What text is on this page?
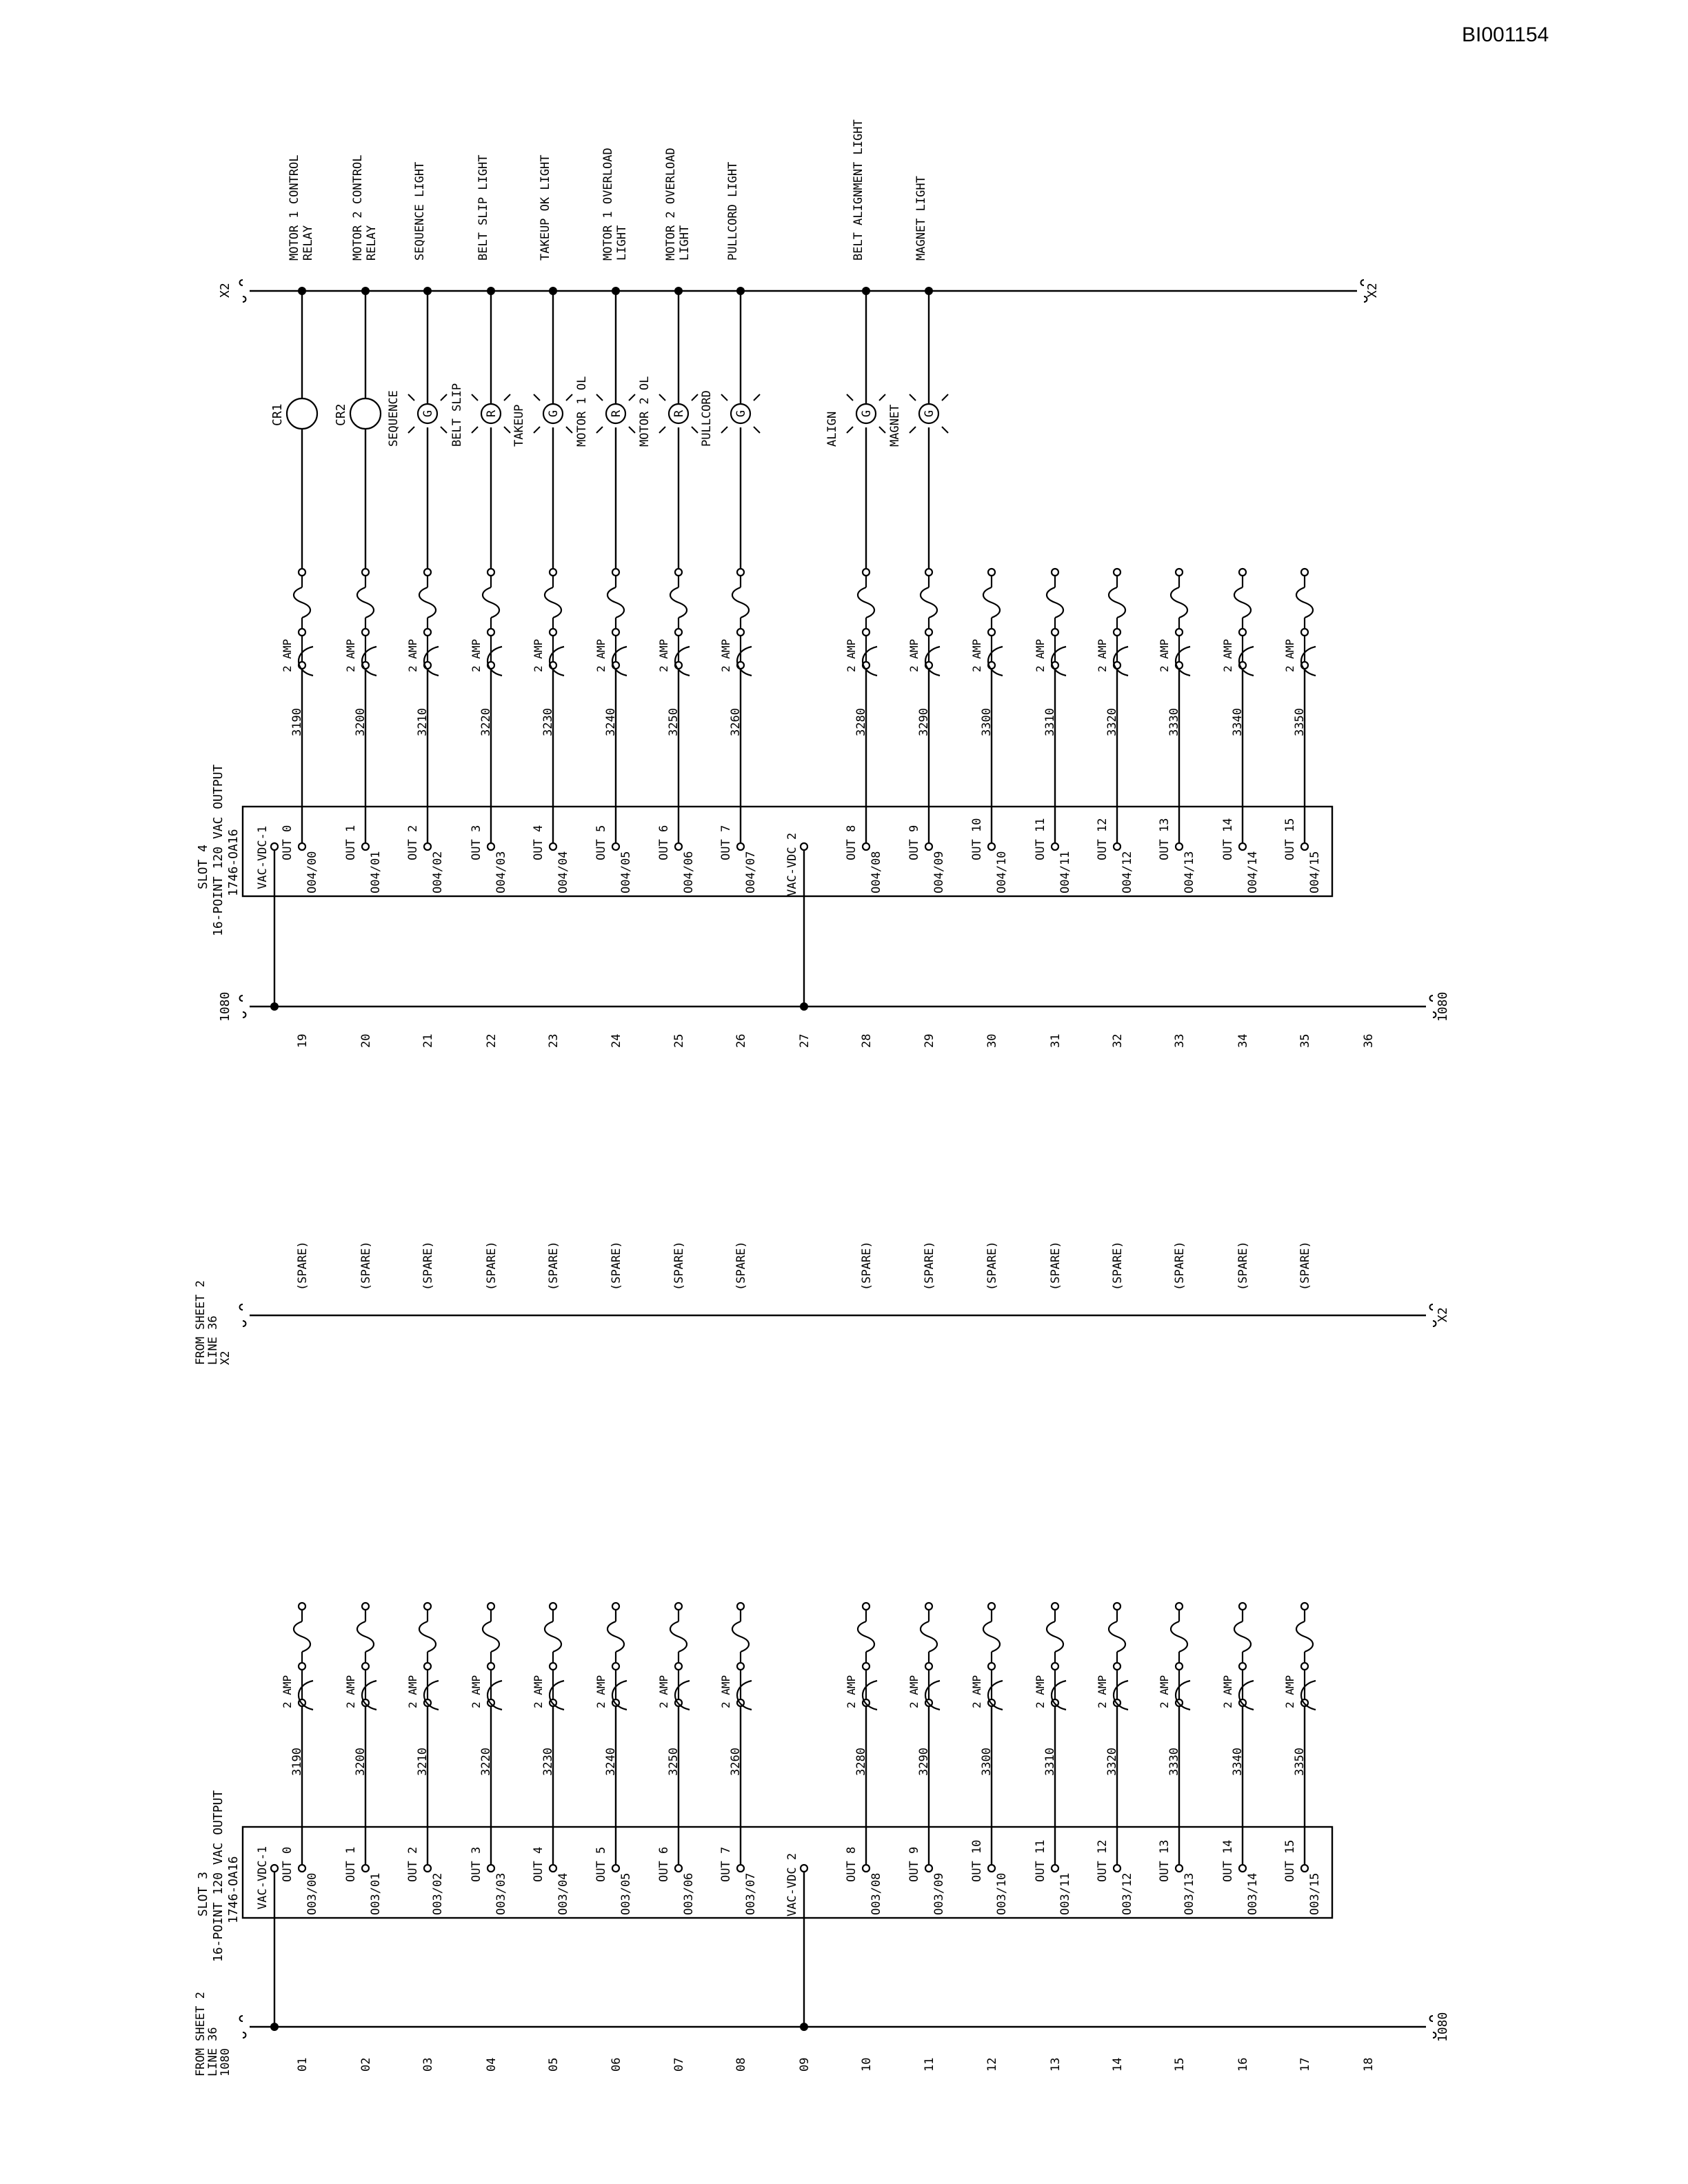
BI001154
X2	X2
1080	1080
SLOT 4 16-POINT 120 VAC OUTPUT 1746-OA16 VAC-VDC-1	VAC-VDC 2
19	20	21	22	23	24	25	26	27	28	29	30	31	32	33	34	35	36
OUT 0
O04/00
3190
2 AMP
CR1
MOTOR 1 CONTROL RELAY
OUT 1
O04/01
3200
2 AMP
CR2
MOTOR 2 CONTROL RELAY
OUT 2
O04/02
3210
2 AMP
G
SEQUENCE
SEQUENCE LIGHT
OUT 3
O04/03
3220
2 AMP
R
BELT SLIP
BELT SLIP LIGHT
OUT 4
O04/04
3230
2 AMP
G
TAKEUP
TAKEUP OK LIGHT
OUT 5
O04/05
3240
2 AMP
R
MOTOR 1 OL
MOTOR 1 OVERLOAD LIGHT
OUT 6
O04/06
3250
2 AMP
R
MOTOR 2 OL
MOTOR 2 OVERLOAD LIGHT
OUT 7
O04/07
3260
2 AMP
G
PULLCORD
PULLCORD LIGHT
OUT 8
O04/08
3280
2 AMP
G
ALIGN
BELT ALIGNMENT LIGHT
OUT 9
O04/09
3290
2 AMP
G
MAGNET
MAGNET LIGHT
OUT 10
O04/10
3300
2 AMP
OUT 11
O04/11
3310
2 AMP
OUT 12
O04/12
3320
2 AMP
OUT 13
O04/13
3330
2 AMP
OUT 14
O04/14
3340
2 AMP
OUT 15
O04/15
3350
2 AMP
FROM SHEET 2
LINE 36
X2
X2
FROM SHEET 2
LINE 36
1080
1080
SLOT 3 16-POINT 120 VAC OUTPUT 1746-OA16 VAC-VDC-1	VAC-VDC 2
01	02	03	04	05	06	07	08	09	10	11	12	13	14	15	16	17	18
(SPARE)
OUT 0
O03/00
3190
2 AMP
(SPARE)
OUT 1
O03/01
3200
2 AMP
(SPARE)
OUT 2
O03/02
3210
2 AMP
(SPARE)
OUT 3
O03/03
3220
2 AMP
(SPARE)
OUT 4
O03/04
3230
2 AMP
(SPARE)
OUT 5
O03/05
3240
2 AMP
(SPARE)
OUT 6
O03/06
3250
2 AMP
(SPARE)
OUT 7
O03/07
3260
2 AMP
(SPARE)
OUT 8
O03/08
3280
2 AMP
(SPARE)
OUT 9
O03/09
3290
2 AMP
(SPARE)
OUT 10
O03/10
3300
2 AMP
(SPARE)
OUT 11
O03/11
3310
2 AMP
(SPARE)
OUT 12
O03/12
3320
2 AMP
(SPARE)
OUT 13
O03/13
3330
2 AMP
(SPARE)
OUT 14
O03/14
3340
2 AMP
(SPARE)
OUT 15
O03/15
3350
2 AMP
